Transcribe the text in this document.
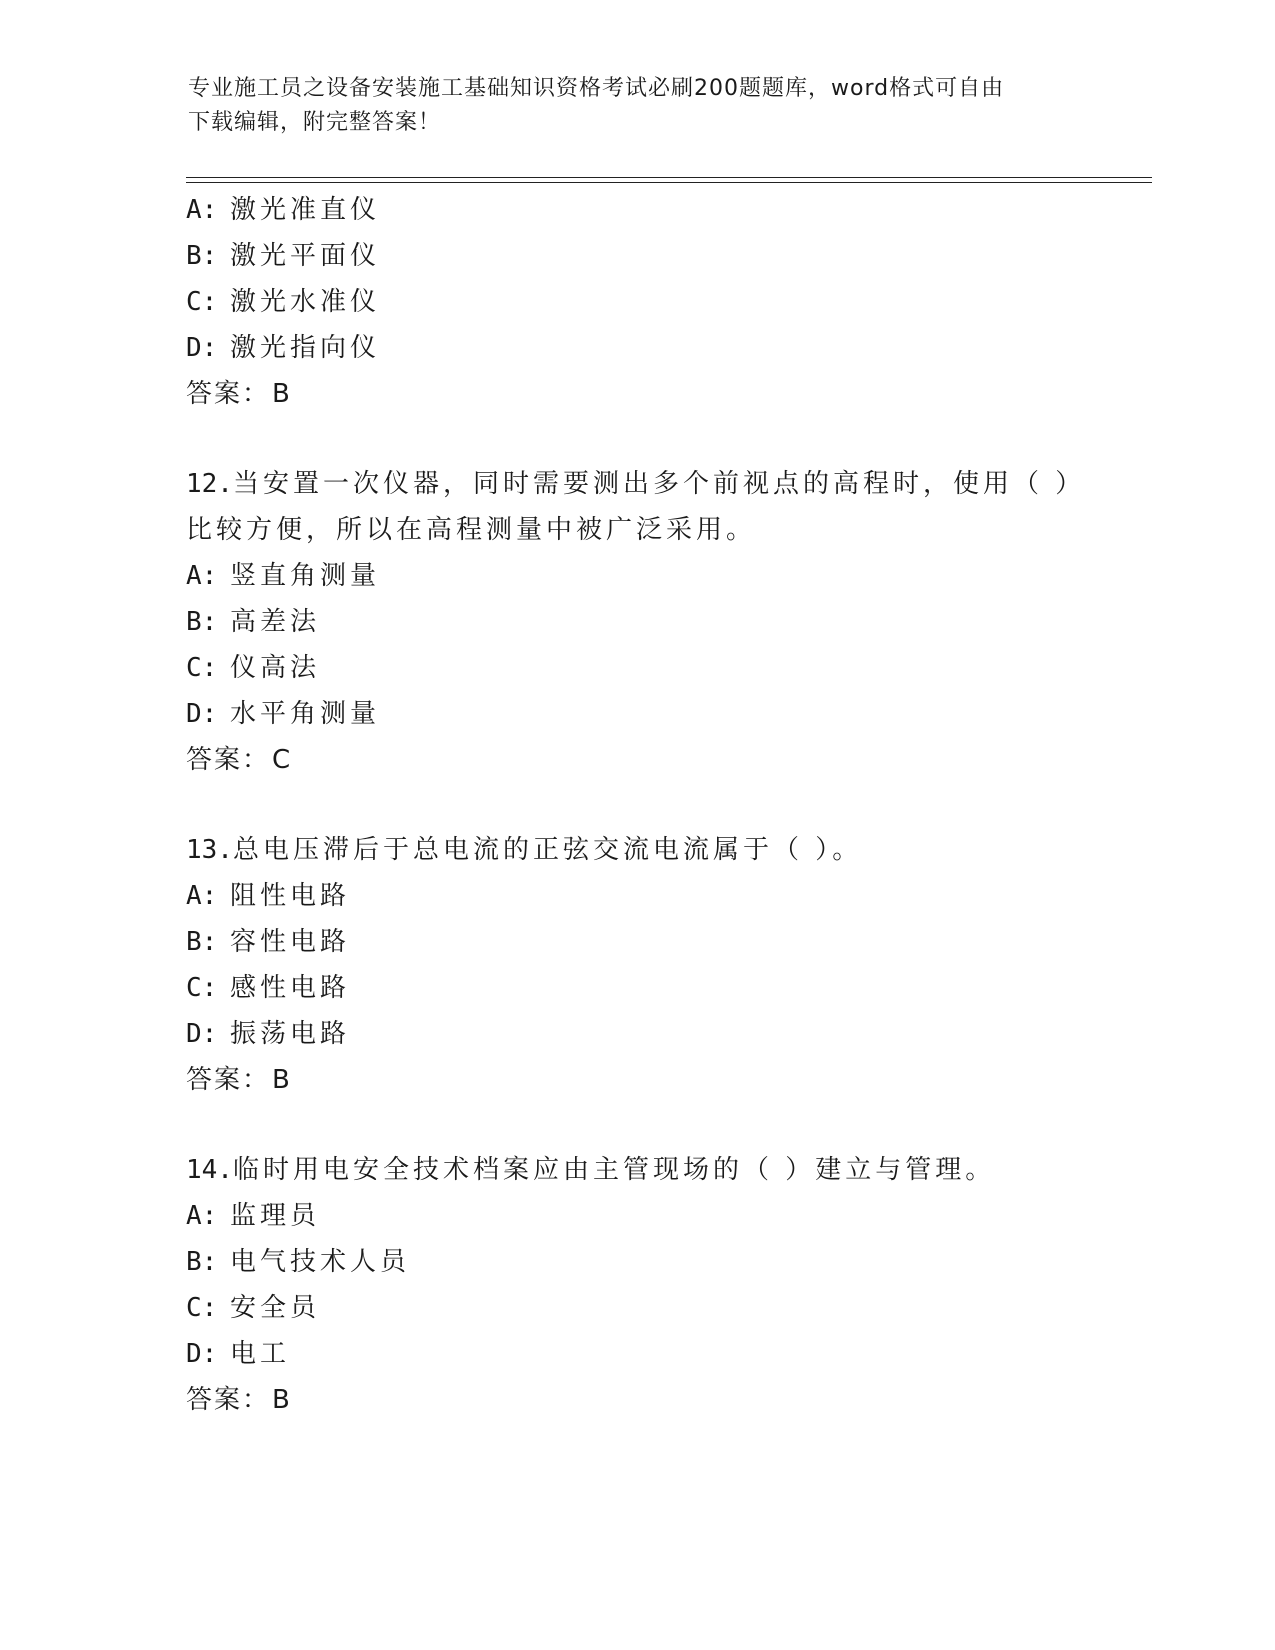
专业施工员之设备安装施工基础知识资格考试必刷200题题库，word格式可自由
下载编辑，附完整答案！
A: 激光准直仪
B: 激光平面仪
C: 激光水准仪
D: 激光指向仪
答案：B
12.当安置一次仪器，同时需要测出多个前视点的高程时，使用（ ）
比较方便，所以在高程测量中被广泛采用。
A: 竖直角测量
B: 高差法
C: 仪高法
D: 水平角测量
答案：C
13.总电压滞后于总电流的正弦交流电流属于（ ）。
A: 阻性电路
B: 容性电路
C: 感性电路
D: 振荡电路
答案：B
14.临时用电安全技术档案应由主管现场的（ ）建立与管理。
A: 监理员
B: 电气技术人员
C: 安全员
D: 电工
答案：B
